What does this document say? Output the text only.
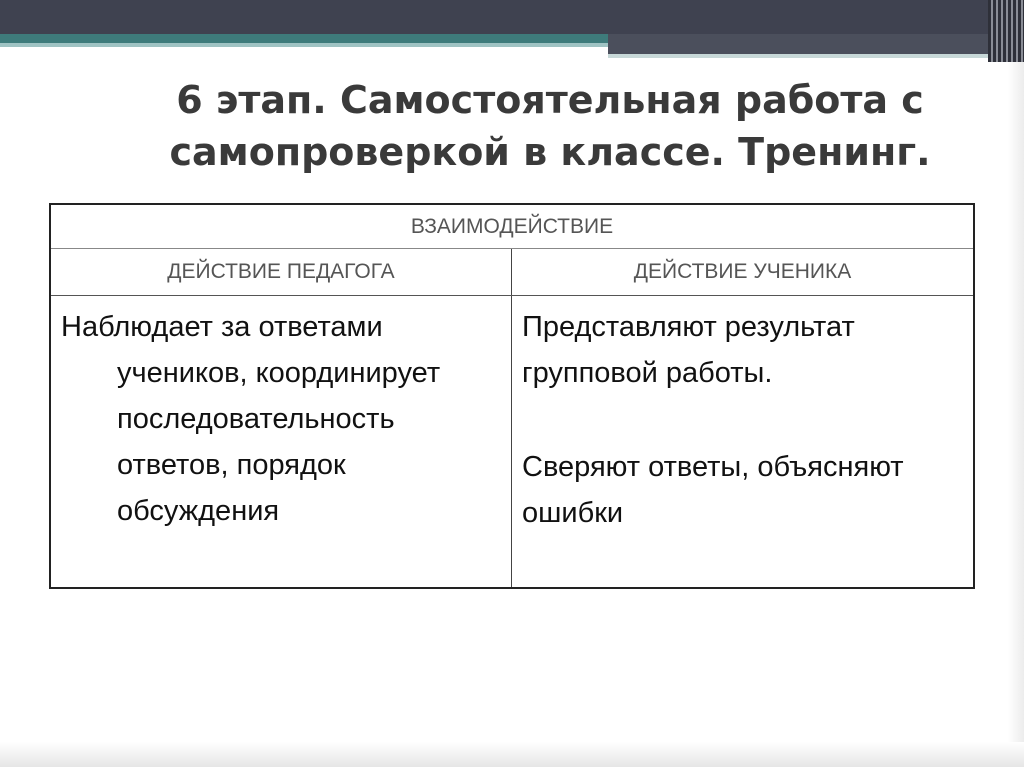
6 этап. Самостоятельная работа с
самопроверкой в классе. Тренинг.
ВЗАИМОДЕЙСТВИЕ
ДЕЙСТВИЕ ПЕДАГОГА	ДЕЙСТВИЕ УЧЕНИКА
Наблюдает за ответами учеников, координирует последовательность ответов, порядок обсуждения
Представляют результат групповой работы.
Сверяют ответы, объясняют ошибки
